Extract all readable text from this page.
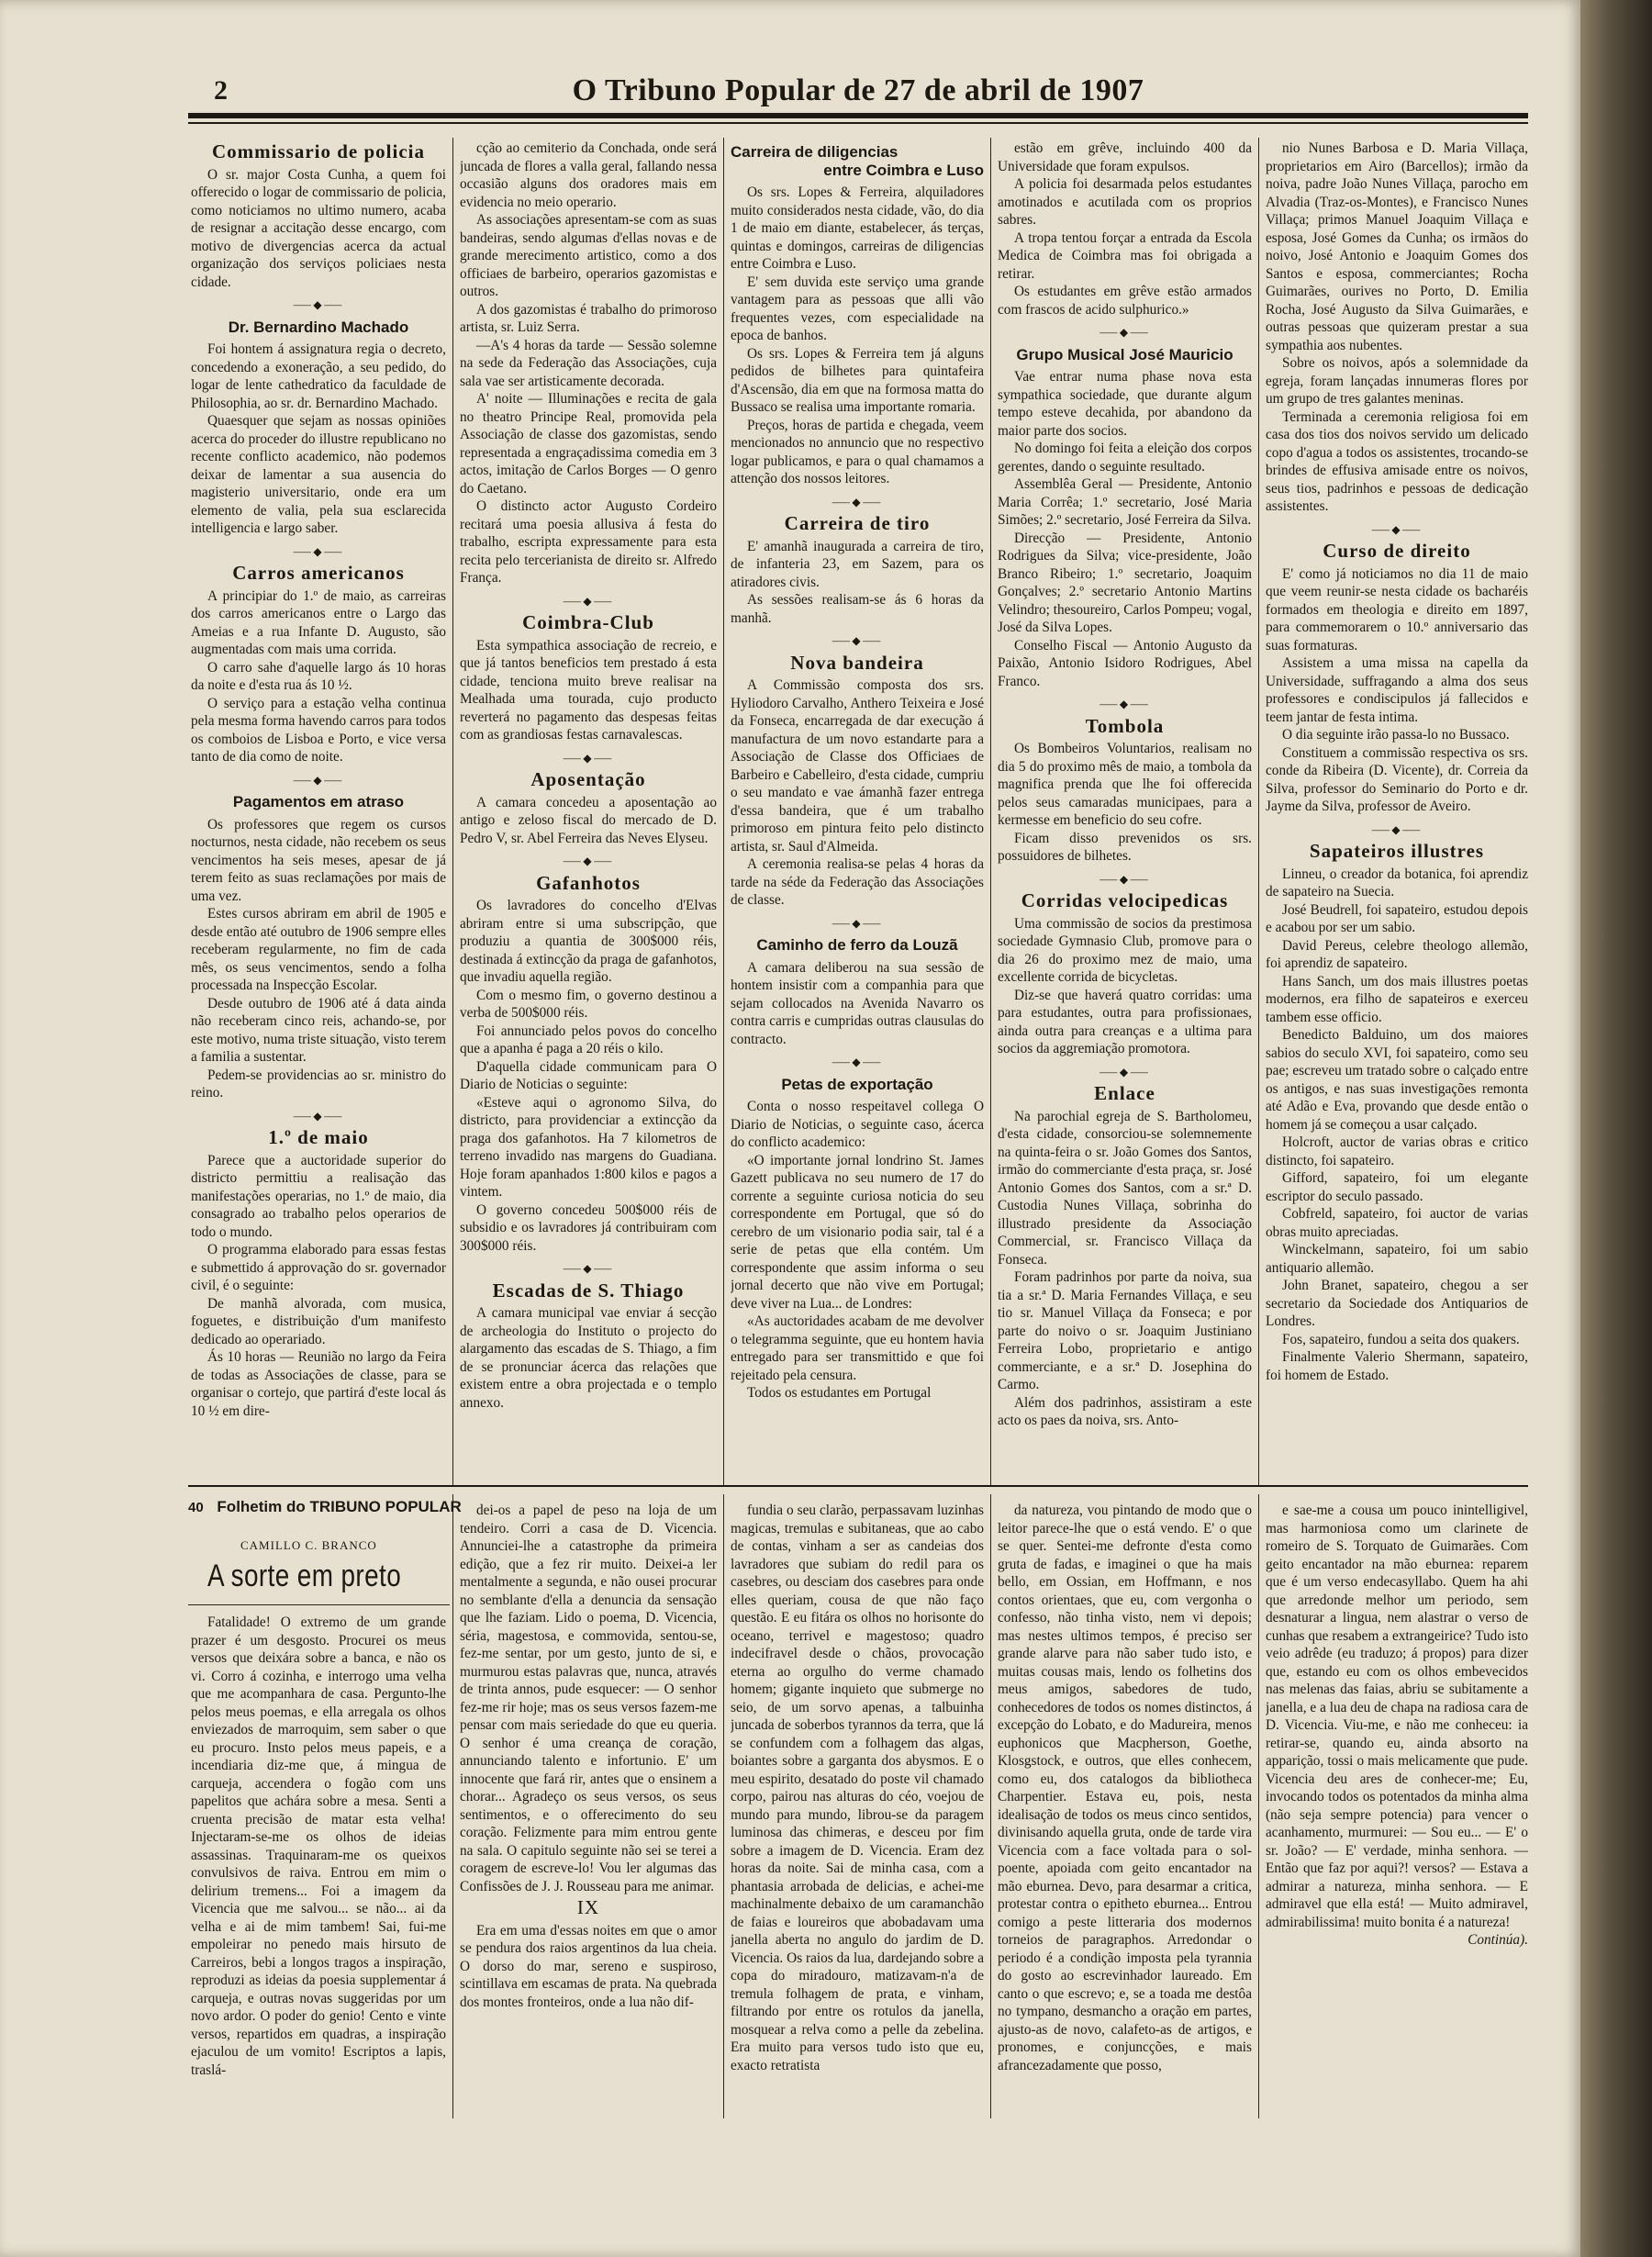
2	O Tribuno Popular de 27 de abril de 1907
Commissario de policia

O sr. major Costa Cunha, a quem foi offerecido o logar de commissario de policia, como noticiamos no ultimo numero, acaba de resignar a accitação desse encargo, com motivo de divergencias acerca da actual organização dos serviços policiaes nesta cidade.

⸺◆⸺
Dr. Bernardino Machado

Foi hontem á assignatura regia o decreto, concedendo a exoneração, a seu pedido, do logar de lente cathedratico da faculdade de Philosophia, ao sr. dr. Bernardino Machado.

Quaesquer que sejam as nossas opiniões acerca do proceder do illustre republicano no recente conflicto academico, não podemos deixar de lamentar a sua ausencia do magisterio universitario, onde era um elemento de valia, pela sua esclarecida intelligencia e largo saber.

⸺◆⸺
Carros americanos

A principiar do 1.º de maio, as carreiras dos carros americanos entre o Largo das Ameias e a rua Infante D. Augusto, são augmentadas com mais uma corrida.

O carro sahe d'aquelle largo ás 10 horas da noite e d'esta rua ás 10 ½.

O serviço para a estação velha continua pela mesma forma havendo carros para todos os comboios de Lisboa e Porto, e vice versa tanto de dia como de noite.

⸺◆⸺
Pagamentos em atraso

Os professores que regem os cursos nocturnos, nesta cidade, não recebem os seus vencimentos ha seis meses, apesar de já terem feito as suas reclamações por mais de uma vez.

Estes cursos abriram em abril de 1905 e desde então até outubro de 1906 sempre elles receberam regularmente, no fim de cada mês, os seus vencimentos, sendo a folha processada na Inspecção Escolar.

Desde outubro de 1906 até á data ainda não receberam cinco reis, achando-se, por este motivo, numa triste situação, visto terem a familia a sustentar.

Pedem-se providencias ao sr. ministro do reino.

⸺◆⸺
1.º de maio

Parece que a auctoridade superior do districto permittiu a realisação das manifestações operarias, no 1.º de maio, dia consagrado ao trabalho pelos operarios de todo o mundo.

O programma elaborado para essas festas e submettido á approvação do sr. governador civil, é o seguinte:

De manhã alvorada, com musica, foguetes, e distribuição d'um manifesto dedicado ao operariado.

Ás 10 horas — Reunião no largo da Feira de todas as Associações de classe, para se organisar o cortejo, que partirá d'este local ás 10 ½ em dire-

cção ao cemiterio da Conchada, onde será juncada de flores a valla geral, fallando nessa occasião alguns dos oradores mais em evidencia no meio operario.

As associações apresentam-se com as suas bandeiras, sendo algumas d'ellas novas e de grande merecimento artistico, como a dos officiaes de barbeiro, operarios gazomistas e outros.

A dos gazomistas é trabalho do primoroso artista, sr. Luiz Serra.

—A's 4 horas da tarde — Sessão solemne na sede da Federação das Associações, cuja sala vae ser artisticamente decorada.

A' noite — Illuminações e recita de gala no theatro Principe Real, promovida pela Associação de classe dos gazomistas, sendo representada a engraçadissima comedia em 3 actos, imitação de Carlos Borges — O genro do Caetano.

O distincto actor Augusto Cordeiro recitará uma poesia allusiva á festa do trabalho, escripta expressamente para esta recita pelo tercerianista de direito sr. Alfredo França.

⸺◆⸺
Coimbra-Club

Esta sympathica associação de recreio, e que já tantos beneficios tem prestado á esta cidade, tenciona muito breve realisar na Mealhada uma tourada, cujo producto reverterá no pagamento das despesas feitas com as grandiosas festas carnavalescas.

⸺◆⸺
Aposentação

A camara concedeu a aposentação ao antigo e zeloso fiscal do mercado de D. Pedro V, sr. Abel Ferreira das Neves Elyseu.

⸺◆⸺
Gafanhotos

Os lavradores do concelho d'Elvas abriram entre si uma subscripção, que produziu a quantia de 300$000 réis, destinada á extincção da praga de gafanhotos, que invadiu aquella região.

Com o mesmo fim, o governo destinou a verba de 500$000 réis.

Foi annunciado pelos povos do concelho que a apanha é paga a 20 réis o kilo.

D'aquella cidade communicam para O Diario de Noticias o seguinte:

«Esteve aqui o agronomo Silva, do districto, para providenciar a extincção da praga dos gafanhotos. Ha 7 kilometros de terreno invadido nas margens do Guadiana. Hoje foram apanhados 1:800 kilos e pagos a vintem.

O governo concedeu 500$000 réis de subsidio e os lavradores já contribuiram com 300$000 réis.

⸺◆⸺
Escadas de S. Thiago

A camara municipal vae enviar á secção de archeologia do Instituto o projecto do alargamento das escadas de S. Thiago, a fim de se pronunciar ácerca das relações que existem entre a obra projectada e o templo annexo.

Carreira de diligencias
entre Coimbra e Luso

Os srs. Lopes & Ferreira, alquiladores muito considerados nesta cidade, vão, do dia 1 de maio em diante, estabelecer, ás terças, quintas e domingos, carreiras de diligencias entre Coimbra e Luso.

E' sem duvida este serviço uma grande vantagem para as pessoas que alli vão frequentes vezes, com especialidade na epoca de banhos.

Os srs. Lopes & Ferreira tem já alguns pedidos de bilhetes para quintafeira d'Ascensão, dia em que na formosa matta do Bussaco se realisa uma importante romaria.

Preços, horas de partida e chegada, veem mencionados no annuncio que no respectivo logar publicamos, e para o qual chamamos a attenção dos nossos leitores.

⸺◆⸺
Carreira de tiro

E' amanhã inaugurada a carreira de tiro, de infanteria 23, em Sazem, para os atiradores civis.

As sessões realisam-se ás 6 horas da manhã.

⸺◆⸺
Nova bandeira

A Commissão composta dos srs. Hyliodoro Carvalho, Anthero Teixeira e José da Fonseca, encarregada de dar execução á manufactura de um novo estandarte para a Associação de Classe dos Officiaes de Barbeiro e Cabelleiro, d'esta cidade, cumpriu o seu mandato e vae ámanhã fazer entrega d'essa bandeira, que é um trabalho primoroso em pintura feito pelo distincto artista, sr. Saul d'Almeida.

A ceremonia realisa-se pelas 4 horas da tarde na séde da Federação das Associações de classe.

⸺◆⸺
Caminho de ferro da Louzã

A camara deliberou na sua sessão de hontem insistir com a companhia para que sejam collocados na Avenida Navarro os contra carris e cumpridas outras clausulas do contracto.

⸺◆⸺
Petas de exportação

Conta o nosso respeitavel collega O Diario de Noticias, o seguinte caso, ácerca do conflicto academico:

«O importante jornal londrino St. James Gazett publicava no seu numero de 17 do corrente a seguinte curiosa noticia do seu correspondente em Portugal, que só do cerebro de um visionario podia sair, tal é a serie de petas que ella contém. Um correspondente que assim informa o seu jornal decerto que não vive em Portugal; deve viver na Lua... de Londres:

«As auctoridades acabam de me devolver o telegramma seguinte, que eu hontem havia entregado para ser transmittido e que foi rejeitado pela censura.

Todos os estudantes em Portugal

estão em grêve, incluindo 400 da Universidade que foram expulsos.

A policia foi desarmada pelos estudantes amotinados e acutilada com os proprios sabres.

A tropa tentou forçar a entrada da Escola Medica de Coimbra mas foi obrigada a retirar.

Os estudantes em grêve estão armados com frascos de acido sulphurico.»

⸺◆⸺
Grupo Musical José Mauricio

Vae entrar numa phase nova esta sympathica sociedade, que durante algum tempo esteve decahida, por abandono da maior parte dos socios.

No domingo foi feita a eleição dos corpos gerentes, dando o seguinte resultado.

Assemblêa Geral — Presidente, Antonio Maria Corrêa; 1.º secretario, José Maria Simões; 2.º secretario, José Ferreira da Silva.

Direcção — Presidente, Antonio Rodrigues da Silva; vice-presidente, João Branco Ribeiro; 1.º secretario, Joaquim Gonçalves; 2.º secretario Antonio Martins Velindro; thesoureiro, Carlos Pompeu; vogal, José da Silva Lopes.

Conselho Fiscal — Antonio Augusto da Paixão, Antonio Isidoro Rodrigues, Abel Franco.

⸺◆⸺
Tombola

Os Bombeiros Voluntarios, realisam no dia 5 do proximo mês de maio, a tombola da magnifica prenda que lhe foi offerecida pelos seus camaradas municipaes, para a kermesse em beneficio do seu cofre.

Ficam disso prevenidos os srs. possuidores de bilhetes.

⸺◆⸺
Corridas velocipedicas

Uma commissão de socios da prestimosa sociedade Gymnasio Club, promove para o dia 26 do proximo mez de maio, uma excellente corrida de bicycletas.

Diz-se que haverá quatro corridas: uma para estudantes, outra para profissionaes, ainda outra para creanças e a ultima para socios da aggremiação promotora.

⸺◆⸺
Enlace

Na parochial egreja de S. Bartholomeu, d'esta cidade, consorciou-se solemnemente na quinta-feira o sr. João Gomes dos Santos, irmão do commerciante d'esta praça, sr. José Antonio Gomes dos Santos, com a sr.ª D. Custodia Nunes Villaça, sobrinha do illustrado presidente da Associação Commercial, sr. Francisco Villaça da Fonseca.

Foram padrinhos por parte da noiva, sua tia a sr.ª D. Maria Fernandes Villaça, e seu tio sr. Manuel Villaça da Fonseca; e por parte do noivo o sr. Joaquim Justiniano Ferreira Lobo, proprietario e antigo commerciante, e a sr.ª D. Josephina do Carmo.

Além dos padrinhos, assistiram a este acto os paes da noiva, srs. Anto-

nio Nunes Barbosa e D. Maria Villaça, proprietarios em Airo (Barcellos); irmão da noiva, padre João Nunes Villaça, parocho em Alvadia (Traz-os-Montes), e Francisco Nunes Villaça; primos Manuel Joaquim Villaça e esposa, José Gomes da Cunha; os irmãos do noivo, José Antonio e Joaquim Gomes dos Santos e esposa, commerciantes; Rocha Guimarães, ourives no Porto, D. Emilia Rocha, José Augusto da Silva Guimarães, e outras pessoas que quizeram prestar a sua sympathia aos nubentes.

Sobre os noivos, após a solemnidade da egreja, foram lançadas innumeras flores por um grupo de tres galantes meninas.

Terminada a ceremonia religiosa foi em casa dos tios dos noivos servido um delicado copo d'agua a todos os assistentes, trocando-se brindes de effusiva amisade entre os noivos, seus tios, padrinhos e pessoas de dedicação assistentes.

⸺◆⸺
Curso de direito

E' como já noticiamos no dia 11 de maio que veem reunir-se nesta cidade os bacharéis formados em theologia e direito em 1897, para commemorarem o 10.º anniversario das suas formaturas.

Assistem a uma missa na capella da Universidade, suffragando a alma dos seus professores e condiscipulos já fallecidos e teem jantar de festa intima.

O dia seguinte irão passa-lo no Bussaco.

Constituem a commissão respectiva os srs. conde da Ribeira (D. Vicente), dr. Correia da Silva, professor do Seminario do Porto e dr. Jayme da Silva, professor de Aveiro.

⸺◆⸺
Sapateiros illustres

Linneu, o creador da botanica, foi aprendiz de sapateiro na Suecia.

José Beudrell, foi sapateiro, estudou depois e acabou por ser um sabio.

David Pereus, celebre theologo allemão, foi aprendiz de sapateiro.

Hans Sanch, um dos mais illustres poetas modernos, era filho de sapateiros e exerceu tambem esse officio.

Benedicto Balduino, um dos maiores sabios do seculo XVI, foi sapateiro, como seu pae; escreveu um tratado sobre o calçado entre os antigos, e nas suas investigações remonta até Adão e Eva, provando que desde então o homem já se começou a usar calçado.

Holcroft, auctor de varias obras e critico distincto, foi sapateiro.

Gifford, sapateiro, foi um elegante escriptor do seculo passado.

Cobfreld, sapateiro, foi auctor de varias obras muito apreciadas.

Winckelmann, sapateiro, foi um sabio antiquario allemão.

John Branet, sapateiro, chegou a ser secretario da Sociedade dos Antiquarios de Londres.

Fos, sapateiro, fundou a seita dos quakers.

Finalmente Valerio Shermann, sapateiro, foi homem de Estado.

40 Folhetim do TRIBUNO POPULAR
CAMILLO C. BRANCO
A sorte em preto

Fatalidade! O extremo de um grande prazer é um desgosto. Procurei os meus versos que deixára sobre a banca, e não os vi. Corro á cozinha, e interrogo uma velha que me acompanhara de casa. Pergunto-lhe pelos meus poemas, e ella arregala os olhos enviezados de marroquim, sem saber o que eu procuro. Insto pelos meus papeis, e a incendiaria diz-me que, á mingua de carqueja, accendera o fogão com uns papelitos que achára sobre a mesa. Senti a cruenta precisão de matar esta velha! Injectaram-se-me os olhos de ideias assassinas. Traquinaram-me os queixos convulsivos de raiva. Entrou em mim o delirium tremens... Foi a imagem da Vicencia que me salvou... se não... ai da velha e ai de mim tambem! Sai, fui-me empoleirar no penedo mais hirsuto de Carreiros, bebi a longos tragos a inspiração, reproduzi as ideias da poesia supplementar á carqueja, e outras novas suggeridas por um novo ardor. O poder do genio! Cento e vinte versos, repartidos em quadras, a inspiração ejaculou de um vomito! Escriptos a lapis, traslá-

dei-os a papel de peso na loja de um tendeiro. Corri a casa de D. Vicencia. Annunciei-lhe a catastrophe da primeira edição, que a fez rir muito. Deixei-a ler mentalmente a segunda, e não ousei procurar no semblante d'ella a denuncia da sensação que lhe faziam. Lido o poema, D. Vicencia, séria, magestosa, e commovida, sentou-se, fez-me sentar, por um gesto, junto de si, e murmurou estas palavras que, nunca, através de trinta annos, pude esquecer: — O senhor fez-me rir hoje; mas os seus versos fazem-me pensar com mais seriedade do que eu queria. O senhor é uma creança de coração, annunciando talento e infortunio. E' um innocente que fará rir, antes que o ensinem a chorar... Agradeço os seus versos, os seus sentimentos, e o offerecimento do seu coração. Felizmente para mim entrou gente na sala. O capitulo seguinte não sei se terei a coragem de escreve-lo! Vou ler algumas das Confissões de J. J. Rousseau para me animar.

IX

Era em uma d'essas noites em que o amor se pendura dos raios argentinos da lua cheia. O dorso do mar, sereno e suspiroso, scintillava em escamas de prata. Na quebrada dos montes fronteiros, onde a lua não dif-

fundia o seu clarão, perpassavam luzinhas magicas, tremulas e subitaneas, que ao cabo de contas, vinham a ser as candeias dos lavradores que subiam do redil para os casebres, ou desciam dos casebres para onde elles queriam, cousa de que não faço questão. E eu fitára os olhos no horisonte do oceano, terrivel e magestoso; quadro indecifravel desde o chãos, provocação eterna ao orgulho do verme chamado homem; gigante inquieto que submerge no seio, de um sorvo apenas, a talbuinha juncada de soberbos tyrannos da terra, que lá se confundem com a folhagem das algas, boiantes sobre a garganta dos abysmos. E o meu espirito, desatado do poste vil chamado corpo, pairou nas alturas do céo, voejou de mundo para mundo, librou-se da paragem luminosa das chimeras, e desceu por fim sobre a imagem de D. Vicencia. Eram dez horas da noite. Sai de minha casa, com a phantasia arrobada de delicias, e achei-me machinalmente debaixo de um caramanchão de faias e loureiros que abobadavam uma janella aberta no angulo do jardim de D. Vicencia. Os raios da lua, dardejando sobre a copa do miradouro, matizavam-n'a de tremula folhagem de prata, e vinham, filtrando por entre os rotulos da janella, mosquear a relva como a pelle da zebelina. Era muito para versos tudo isto que eu, exacto retratista

da natureza, vou pintando de modo que o leitor parece-lhe que o está vendo. E' o que se quer. Sentei-me defronte d'esta como gruta de fadas, e imaginei o que ha mais bello, em Ossian, em Hoffmann, e nos contos orientaes, que eu, com vergonha o confesso, não tinha visto, nem vi depois; mas nestes ultimos tempos, é preciso ser grande alarve para não saber tudo isto, e muitas cousas mais, lendo os folhetins dos meus amigos, sabedores de tudo, conhecedores de todos os nomes distinctos, á excepção do Lobato, e do Madureira, menos euphonicos que Macpherson, Goethe, Klosgstock, e outros, que elles conhecem, como eu, dos catalogos da bibliotheca Charpentier. Estava eu, pois, nesta idealisação de todos os meus cinco sentidos, divinisando aquella gruta, onde de tarde vira Vicencia com a face voltada para o sol-poente, apoiada com geito encantador na mão eburnea. Devo, para desarmar a critica, protestar contra o epitheto eburnea... Entrou comigo a peste litteraria dos modernos torneios de paragraphos. Arredondar o periodo é a condição imposta pela tyrannia do gosto ao escrevinhador laureado. Em canto o que escrevo; e, se a toada me destôa no tympano, desmancho a oração em partes, ajusto-as de novo, calafeto-as de artigos, e pronomes, e conjuncções, e mais afrancezadamente que posso,

e sae-me a cousa um pouco inintelligivel, mas harmoniosa como um clarinete de romeiro de S. Torquato de Guimarães. Com geito encantador na mão eburnea: reparem que é um verso endecasyllabo. Quem ha ahi que arredonde melhor um periodo, sem desnaturar a lingua, nem alastrar o verso de cunhas que resabem a extrangeirice? Tudo isto veio adrêde (eu traduzo; á propos) para dizer que, estando eu com os olhos embevecidos nas melenas das faias, abriu se subitamente a janella, e a lua deu de chapa na radiosa cara de D. Vicencia. Viu-me, e não me conheceu: ia retirar-se, quando eu, ainda absorto na apparição, tossi o mais melicamente que pude. Vicencia deu ares de conhecer-me; Eu, invocando todos os potentados da minha alma (não seja sempre potencia) para vencer o acanhamento, murmurei: — Sou eu... — E' o sr. João? — E' verdade, minha senhora. — Então que faz por aqui?! versos? — Estava a admirar a natureza, minha senhora. — E admiravel que ella está! — Muito admiravel, admirabilissima! muito bonita é a natureza!

Continúa).
